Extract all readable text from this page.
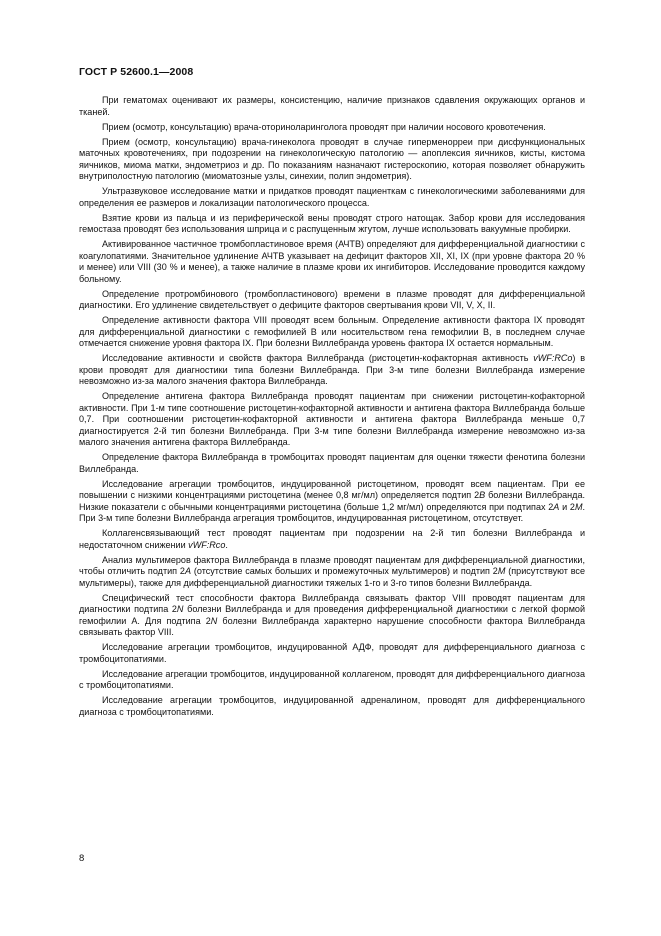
ГОСТ Р 52600.1—2008

При гематомах оценивают их размеры, консистенцию, наличие признаков сдавления окружающих органов и тканей.

Прием (осмотр, консультацию) врача-оториноларинголога проводят при наличии носового кровотечения.

Прием (осмотр, консультацию) врача-гинеколога проводят в случае гиперменорреи при дисфункциональных маточных кровотечениях, при подозрении на гинекологическую патологию — апоплексия яичников, кисты, кистома яичников, миома матки, эндометриоз и др. По показаниям назначают гистероскопию, которая позволяет обнаружить внутриполостную патологию (миоматозные узлы, синехии, полип эндометрия).

Ультразвуковое исследование матки и придатков проводят пациенткам с гинекологическими заболеваниями для определения ее размеров и локализации патологического процесса.

Взятие крови из пальца и из периферической вены проводят строго натощак. Забор крови для исследования гемостаза проводят без использования шприца и с распущенным жгутом, лучше использовать вакуумные пробирки.

Активированное частичное тромбопластиновое время (АЧТВ) определяют для дифференциальной диагностики с коагулопатиями. Значительное удлинение АЧТВ указывает на дефицит факторов XII, XI, IX (при уровне фактора 20 % и менее) или VIII (30 % и менее), а также наличие в плазме крови их ингибиторов. Исследование проводится каждому больному.

Определение протромбинового (тромбопластинового) времени в плазме проводят для дифференциальной диагностики. Его удлинение свидетельствует о дефиците факторов свертывания крови VII, V, X, II.

Определение активности фактора VIII проводят всем больным. Определение активности фактора IX проводят для дифференциальной диагностики с гемофилией В или носительством гена гемофилии В, в последнем случае отмечается снижение уровня фактора IX. При болезни Виллебранда уровень фактора IX остается нормальным.

Исследование активности и свойств фактора Виллебранда (ристоцетин-кофакторная активность vWF:RCo) в крови проводят для диагностики типа болезни Виллебранда. При 3-м типе болезни Виллебранда измерение невозможно из-за малого значения фактора Виллебранда.

Определение антигена фактора Виллебранда проводят пациентам при снижении ристоцетин-кофакторной активности. При 1-м типе соотношение ристоцетин-кофакторной активности и антигена фактора Виллебранда больше 0,7. При соотношении ристоцетин-кофакторной активности и антигена фактора Виллебранда меньше 0,7 диагностируется 2-й тип болезни Виллебранда. При 3-м типе болезни Виллебранда измерение невозможно из-за малого значения антигена фактора Виллебранда.

Определение фактора Виллебранда в тромбоцитах проводят пациентам для оценки тяжести фенотипа болезни Виллебранда.

Исследование агрегации тромбоцитов, индуцированной ристоцетином, проводят всем пациентам. При ее повышении с низкими концентрациями ристоцетина (менее 0,8 мг/мл) определяется подтип 2B болезни Виллебранда. Низкие показатели с обычными концентрациями ристоцетина (больше 1,2 мг/мл) определяются при подтипах 2A и 2M. При 3-м типе болезни Виллебранда агрегация тромбоцитов, индуцированная ристоцетином, отсутствует.

Коллагенсвязывающий тест проводят пациентам при подозрении на 2-й тип болезни Виллебранда и недостаточном снижении vWF:Rco.

Анализ мультимеров фактора Виллебранда в плазме проводят пациентам для дифференциальной диагностики, чтобы отличить подтип 2A (отсутствие самых больших и промежуточных мультимеров) и подтип 2M (присутствуют все мультимеры), также для дифференциальной диагностики тяжелых 1-го и 3-го типов болезни Виллебранда.

Специфический тест способности фактора Виллебранда связывать фактор VIII проводят пациентам для диагностики подтипа 2N болезни Виллебранда и для проведения дифференциальной диагностики с легкой формой гемофилии А. Для подтипа 2N болезни Виллебранда характерно нарушение способности фактора Виллебранда связывать фактор VIII.

Исследование агрегации тромбоцитов, индуцированной АДФ, проводят для дифференциального диагноза с тромбоцитопатиями.

Исследование агрегации тромбоцитов, индуцированной коллагеном, проводят для дифференциального диагноза с тромбоцитопатиями.

Исследование агрегации тромбоцитов, индуцированной адреналином, проводят для дифференциального диагноза с тромбоцитопатиями.

8
